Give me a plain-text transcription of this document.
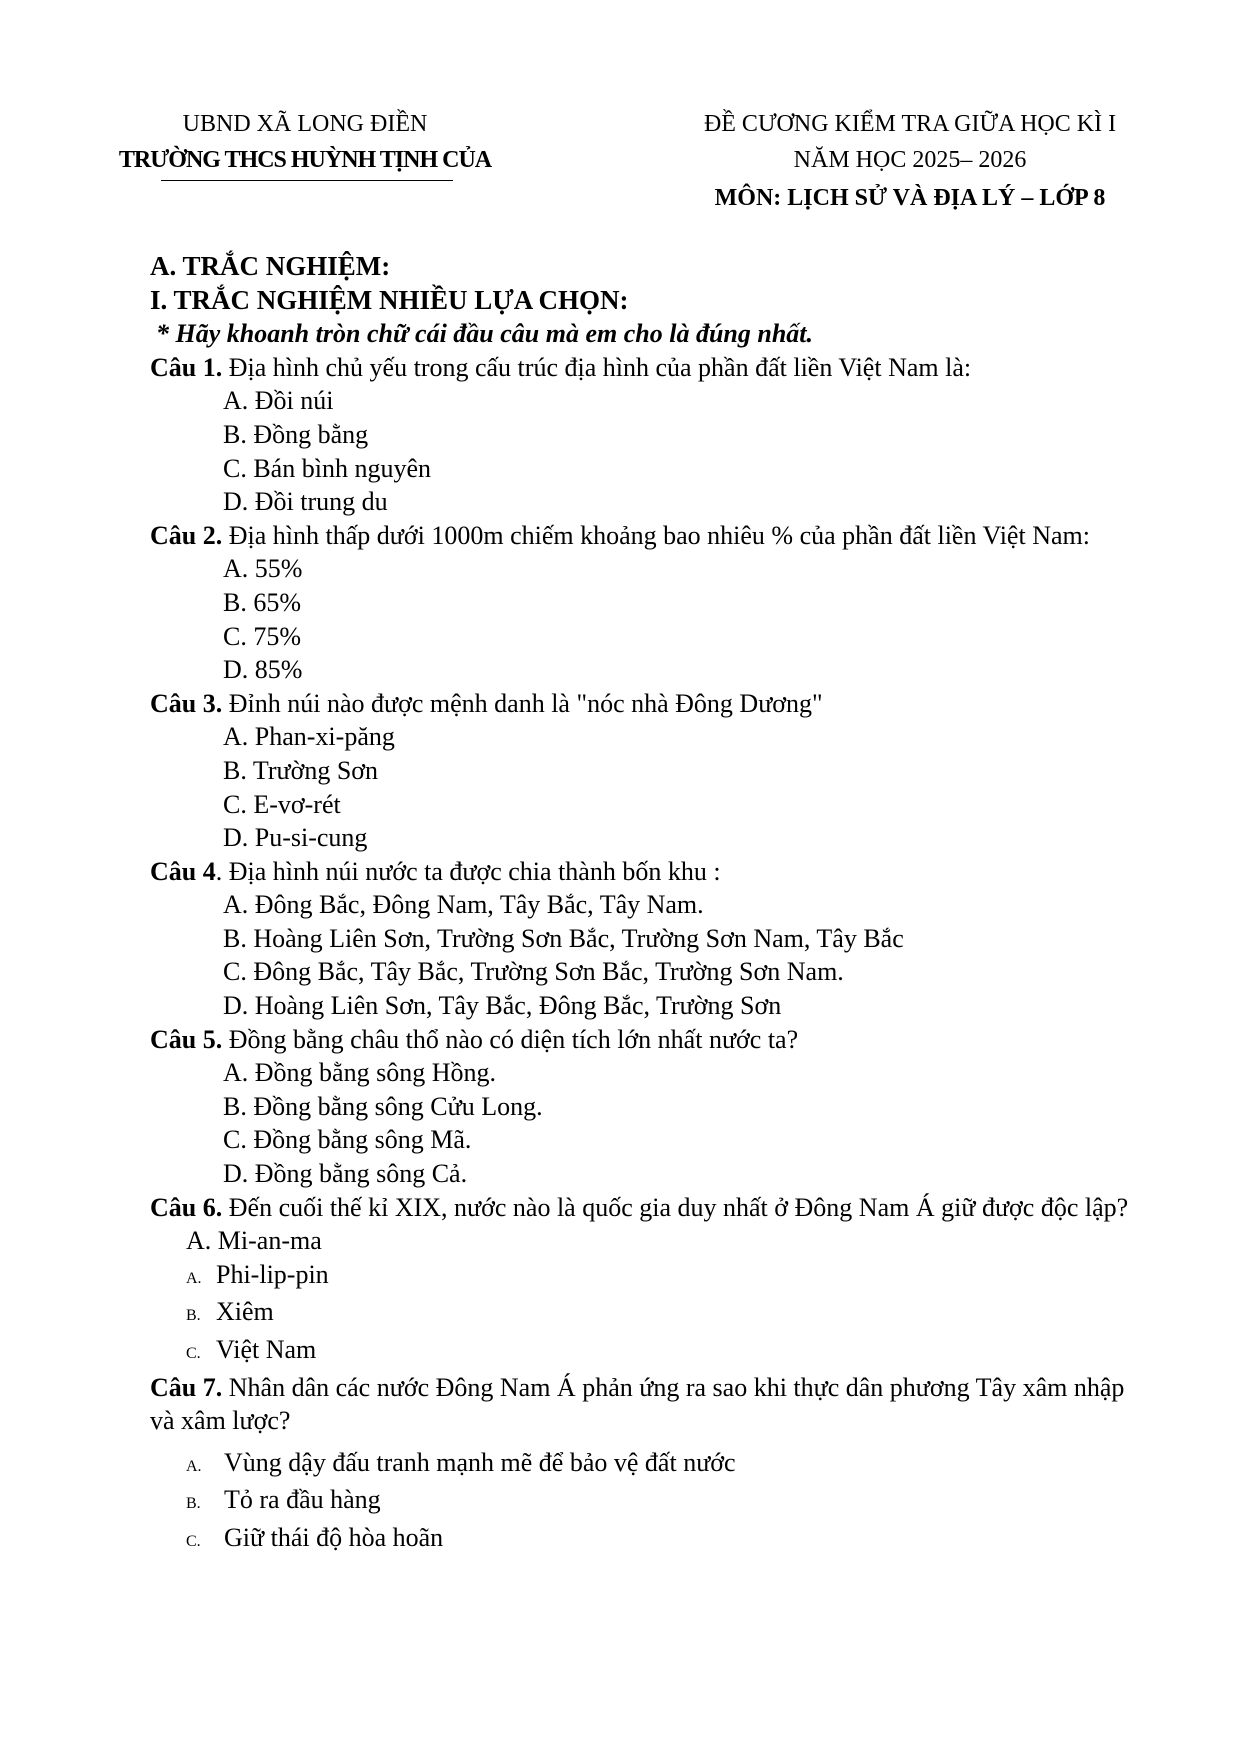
UBND XÃ LONG ĐIỀN
TRƯỜNG THCS HUỲNH TỊNH CỦA
ĐỀ CƯƠNG KIỂM TRA GIỮA HỌC KÌ I
NĂM HỌC 2025– 2026
MÔN: LỊCH SỬ VÀ ĐỊA LÝ – LỚP 8
A. TRẮC NGHIỆM:
I. TRẮC NGHIỆM NHIỀU LỰA CHỌN:
* Hãy khoanh tròn chữ cái đầu câu mà em cho là đúng nhất.
Câu 1. Địa hình chủ yếu trong cấu trúc địa hình của phần đất liền Việt Nam là:
A. Đồi núi
B. Đồng bằng
C. Bán bình nguyên
D. Đồi trung du
Câu 2. Địa hình thấp dưới 1000m chiếm khoảng bao nhiêu % của phần đất liền Việt Nam:
A. 55%
B. 65%
C. 75%
D. 85%
Câu 3. Đỉnh núi nào được mệnh danh là "nóc nhà Đông Dương"
A. Phan-xi-păng
B. Trường Sơn
C. E-vơ-rét
D. Pu-si-cung
Câu 4. Địa hình núi nước ta được chia thành bốn khu :
A. Đông Bắc, Đông Nam, Tây Bắc, Tây Nam.
B. Hoàng Liên Sơn, Trường Sơn Bắc, Trường Sơn Nam, Tây Bắc
C. Đông Bắc, Tây Bắc, Trường Sơn Bắc, Trường Sơn Nam.
D. Hoàng Liên Sơn, Tây Bắc, Đông Bắc, Trường Sơn
Câu 5. Đồng bằng châu thổ nào có diện tích lớn nhất nước ta?
A. Đồng bằng sông Hồng.
B. Đồng bằng sông Cửu Long.
C. Đồng bằng sông Mã.
D. Đồng bằng sông Cả.
Câu 6. Đến cuối thế kỉ XIX, nước nào là quốc gia duy nhất ở Đông Nam Á giữ được độc lập?
A. Mi-an-ma
A. Phi-lip-pin
B. Xiêm
C. Việt Nam
Câu 7. Nhân dân các nước Đông Nam Á phản ứng ra sao khi thực dân phương Tây xâm nhập và xâm lược?
A. Vùng dậy đấu tranh mạnh mẽ để bảo vệ đất nước
B. Tỏ ra đầu hàng
C. Giữ thái độ hòa hoãn
